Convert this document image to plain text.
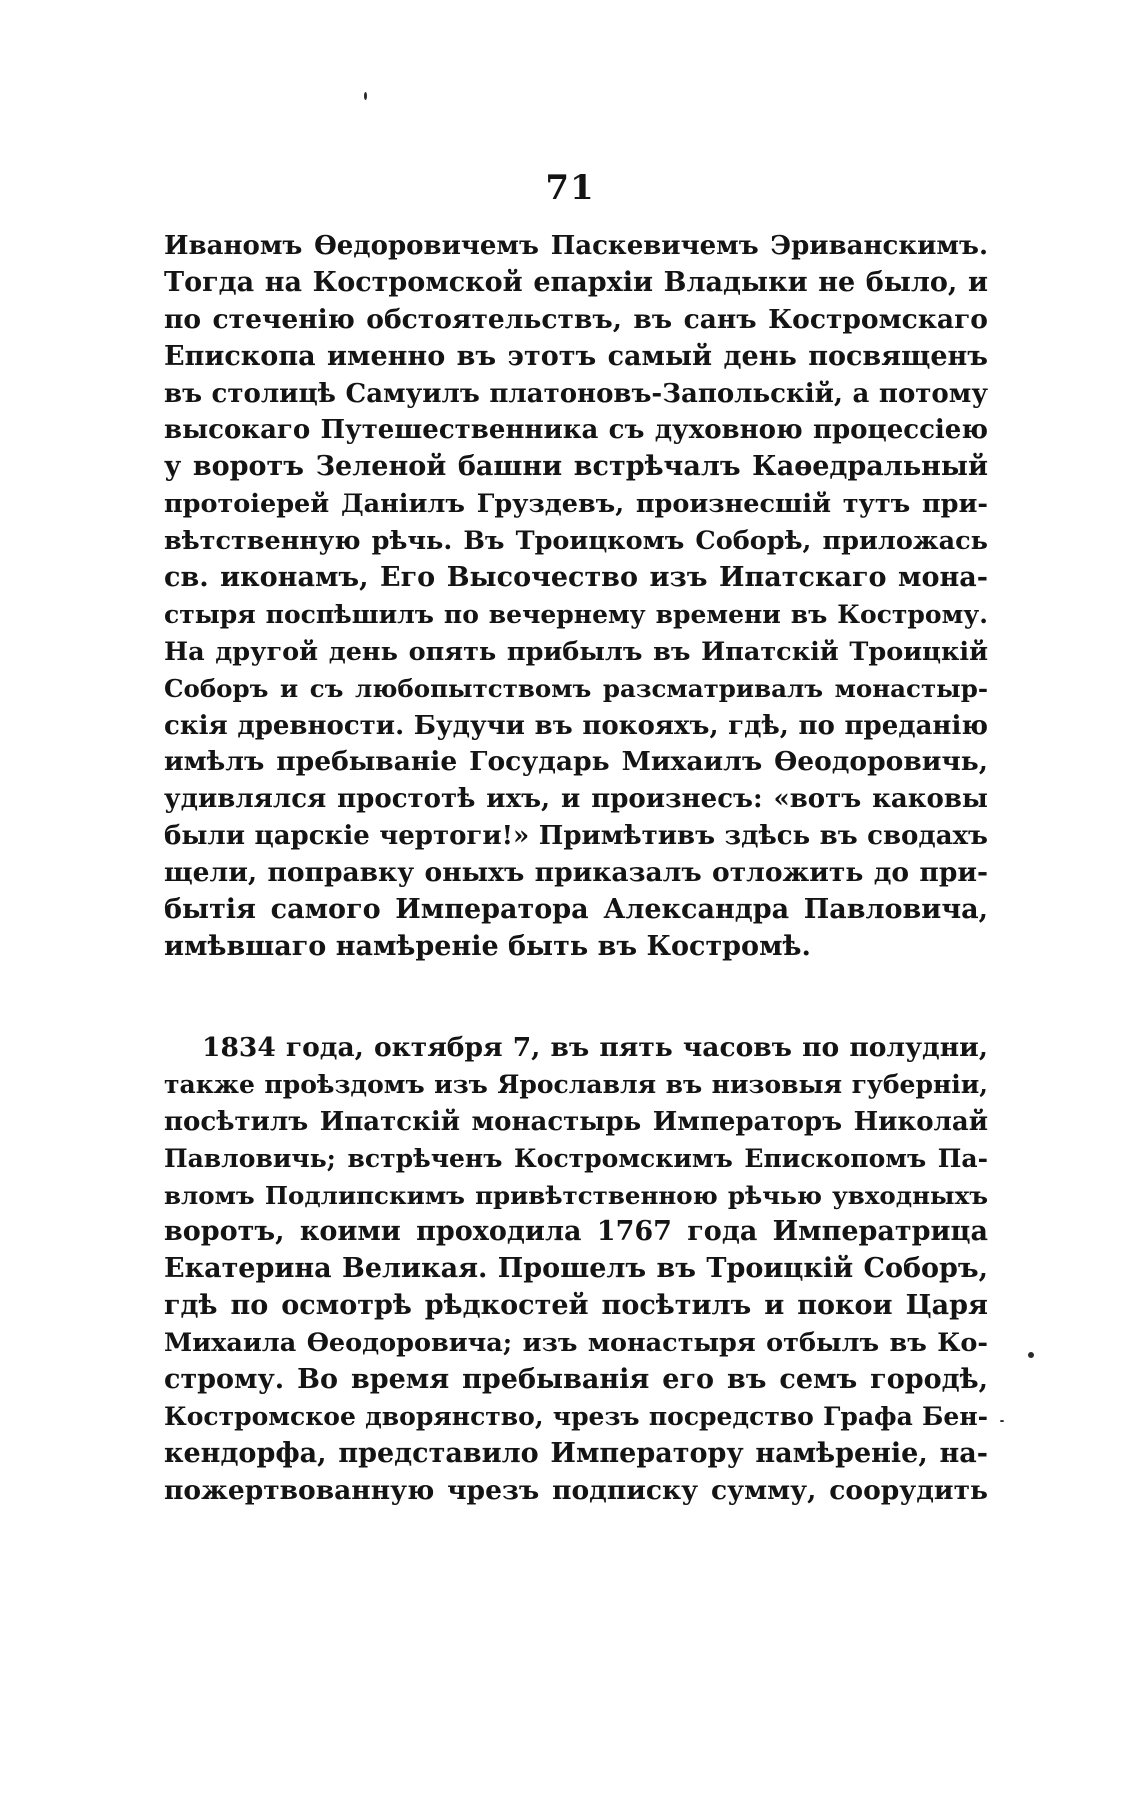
71
Иваномъ Өедоровичемъ Паскевичемъ Эриванскимъ.
Тогда на Костромской епархіи Владыки не было, и
по стеченію обстоятельствъ, въ санъ Костромскаго
Епископа именно въ этотъ самый день посвященъ
въ столицѣ Самуилъ платоновъ-Запольскій, а потому
высокаго Путешественника съ духовною процессіею
у воротъ Зеленой башни встрѣчалъ Каөедральный
протоіерей Даніилъ Груздевъ, произнесшій тутъ при-
вѣтственную рѣчь. Въ Троицкомъ Соборѣ, приложась
св. иконамъ, Его Высочество изъ Ипатскаго мона-
стыря поспѣшилъ по вечернему времени въ Кострому.
На другой день опять прибылъ въ Ипатскій Троицкій
Соборъ и съ любопытствомъ разсматривалъ монастыр-
скія древности. Будучи въ покояхъ, гдѣ, по преданію
имѣлъ пребываніе Государь Михаилъ Өеодоровичь,
удивлялся простотѣ ихъ, и произнесъ: «вотъ каковы
были царскіе чертоги!» Примѣтивъ здѣсь въ сводахъ
щели, поправку оныхъ приказалъ отложить до при-
бытія самого Императора Александра Павловича,
имѣвшаго намѣреніе быть въ Костромѣ.
1834 года, октября 7, въ пять часовъ по полудни,
также проѣздомъ изъ Ярославля въ низовыя губерніи,
посѣтилъ Ипатскій монастырь Императоръ Николай
Павловичь; встрѣченъ Костромскимъ Епископомъ Па-
вломъ Подлипскимъ привѣтственною рѣчью увходныхъ
воротъ, коими проходила 1767 года Императрица
Екатерина Великая. Прошелъ въ Троицкій Соборъ,
гдѣ по осмотрѣ рѣдкостей посѣтилъ и покои Царя
Михаила Өеодоровича; изъ монастыря отбылъ въ Ко-
строму. Во время пребыванія его въ семъ городѣ,
Костромское дворянство, чрезъ посредство Графа Бен-
кендорфа, представило Императору намѣреніе, на-
пожертвованную чрезъ подписку сумму, соорудить
